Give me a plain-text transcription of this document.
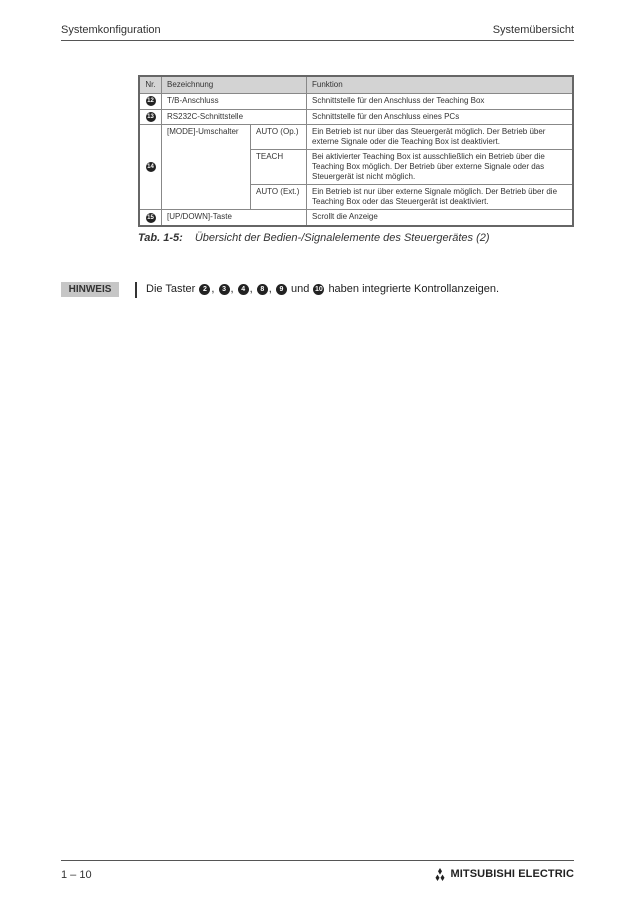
Systemkonfiguration	Systemübersicht
Nr.	Bezeichnung		Funktion
12	T/B-Anschluss		Schnittstelle für den Anschluss der Teaching Box
13	RS232C-Schnittstelle		Schnittstelle für den Anschluss eines PCs
14	[MODE]-Umschalter	AUTO (Op.)	Ein Betrieb ist nur über das Steuergerät möglich. Der Betrieb über externe Signale oder die Teaching Box ist deaktiviert.
		TEACH	Bei aktivierter Teaching Box ist ausschließlich ein Betrieb über die Teaching Box möglich. Der Betrieb über externe Signale oder das Steuergerät ist nicht möglich.
		AUTO (Ext.)	Ein Betrieb ist nur über externe Signale möglich. Der Betrieb über die Teaching Box oder das Steuergerät ist deaktiviert.
15	[UP/DOWN]-Taste		Scrollt die Anzeige
Tab. 1-5: Übersicht der Bedien-/Signalelemente des Steuergerätes (2)
HINWEIS	Die Taster 2 , 3 , 4 , 8 , 9 und 10 haben integrierte Kontrollanzeigen.
1 – 10	MITSUBISHI ELECTRIC
